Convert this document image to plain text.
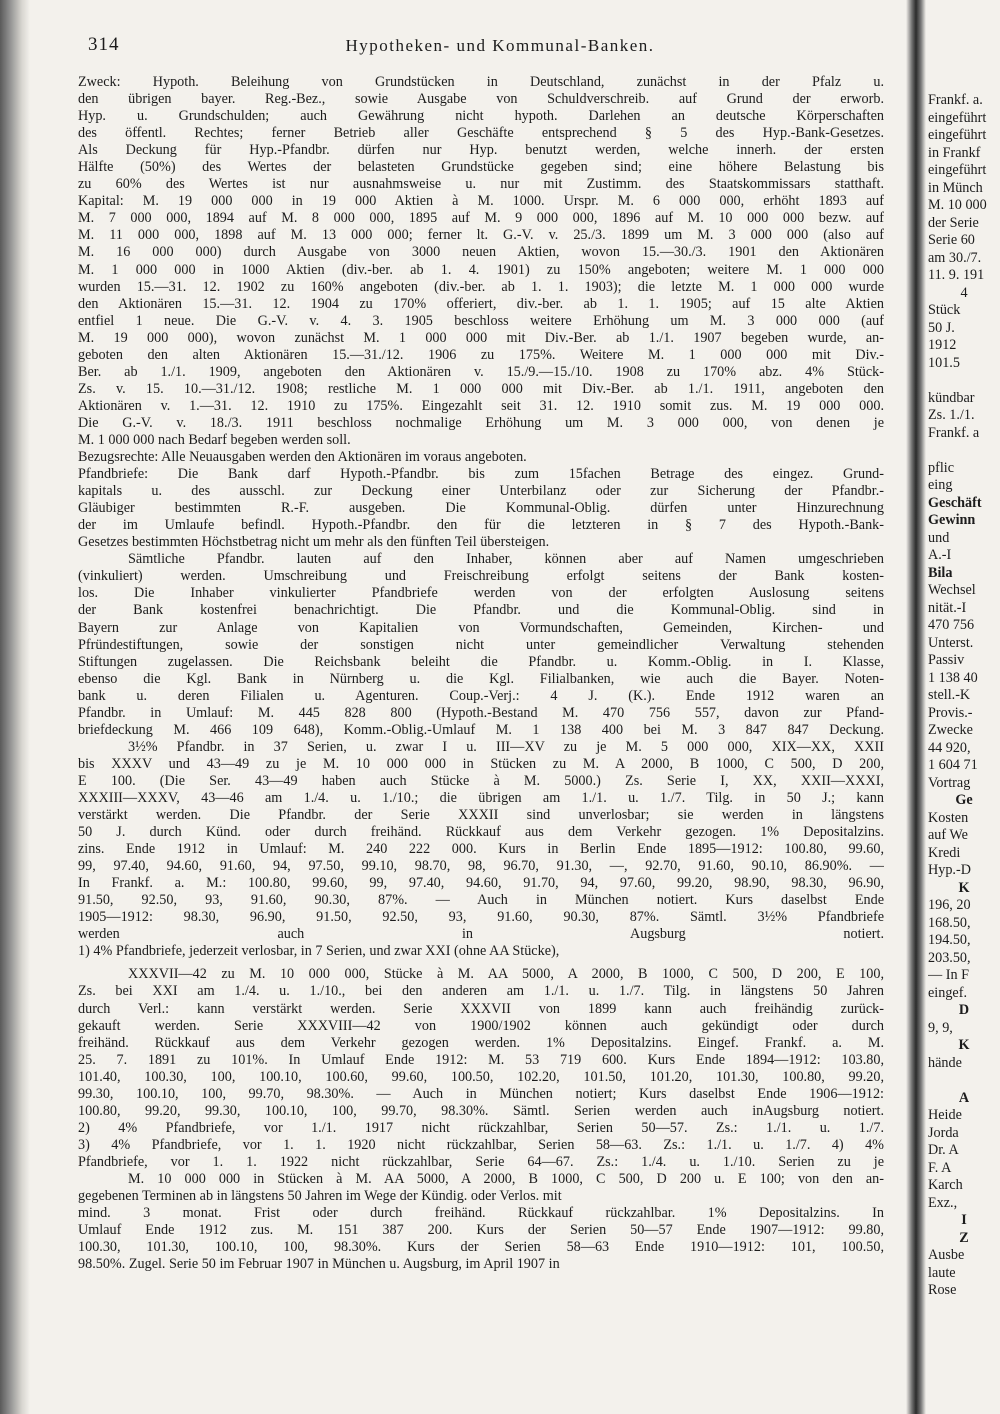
314	Hypotheken- und Kommunal-Banken.
Zweck: Hypoth. Beleihung von Grundstücken in Deutschland, zunächst in der Pfalz u.
den übrigen bayer. Reg.-Bez., sowie Ausgabe von Schuldverschreib. auf Grund der erworb.
Hyp. u. Grundschulden; auch Gewährung nicht hypoth. Darlehen an deutsche Körperschaften
des öffentl. Rechtes; ferner Betrieb aller Geschäfte entsprechend § 5 des Hyp.-Bank-Gesetzes.
Als Deckung für Hyp.-Pfandbr. dürfen nur Hyp. benutzt werden, welche innerh. der ersten
Hälfte (50%) des Wertes der belasteten Grundstücke gegeben sind; eine höhere Belastung bis
zu 60% des Wertes ist nur ausnahmsweise u. nur mit Zustimm. des Staatskommissars statthaft.
Kapital: M. 19 000 000 in 19 000 Aktien à M. 1000. Urspr. M. 6 000 000, erhöht 1893 auf
M. 7 000 000, 1894 auf M. 8 000 000, 1895 auf M. 9 000 000, 1896 auf M. 10 000 000 bezw. auf
M. 11 000 000, 1898 auf M. 13 000 000; ferner lt. G.-V. v. 25./3. 1899 um M. 3 000 000 (also auf
M. 16 000 000) durch Ausgabe von 3000 neuen Aktien, wovon 15.—30./3. 1901 den Aktionären
M. 1 000 000 in 1000 Aktien (div.-ber. ab 1. 4. 1901) zu 150% angeboten; weitere M. 1 000 000
wurden 15.—31. 12. 1902 zu 160% angeboten (div.-ber. ab 1. 1. 1903); die letzte M. 1 000 000 wurde
den Aktionären 15.—31. 12. 1904 zu 170% offeriert, div.-ber. ab 1. 1. 1905; auf 15 alte Aktien
entfiel 1 neue. Die G.-V. v. 4. 3. 1905 beschloss weitere Erhöhung um M. 3 000 000 (auf
M. 19 000 000), wovon zunächst M. 1 000 000 mit Div.-Ber. ab 1./1. 1907 begeben wurde, an-
geboten den alten Aktionären 15.—31./12. 1906 zu 175%. Weitere M. 1 000 000 mit Div.-
Ber. ab 1./1. 1909, angeboten den Aktionären v. 15./9.—15./10. 1908 zu 170% abz. 4% Stück-
Zs. v. 15. 10.—31./12. 1908; restliche M. 1 000 000 mit Div.-Ber. ab 1./1. 1911, angeboten den
Aktionären v. 1.—31. 12. 1910 zu 175%. Eingezahlt seit 31. 12. 1910 somit zus. M. 19 000 000.
Die G.-V. v. 18./3. 1911 beschloss nochmalige Erhöhung um M. 3 000 000, von denen je
M. 1 000 000 nach Bedarf begeben werden soll.
Bezugsrechte: Alle Neuausgaben werden den Aktionären im voraus angeboten.
Pfandbriefe: Die Bank darf Hypoth.-Pfandbr. bis zum 15fachen Betrage des eingez. Grund-
kapitals u. des ausschl. zur Deckung einer Unterbilanz oder zur Sicherung der Pfandbr.-
Gläubiger bestimmten R.-F. ausgeben. Die Kommunal-Oblig. dürfen unter Hinzurechnung
der im Umlaufe befindl. Hypoth.-Pfandbr. den für die letzteren in § 7 des Hypoth.-Bank-
Gesetzes bestimmten Höchstbetrag nicht um mehr als den fünften Teil übersteigen.
Sämtliche Pfandbr. lauten auf den Inhaber, können aber auf Namen umgeschrieben
(vinkuliert) werden. Umschreibung und Freischreibung erfolgt seitens der Bank kosten-
los. Die Inhaber vinkulierter Pfandbriefe werden von der erfolgten Auslosung seitens
der Bank kostenfrei benachrichtigt. Die Pfandbr. und die Kommunal-Oblig. sind in
Bayern zur Anlage von Kapitalien von Vormundschaften, Gemeinden, Kirchen- und
Pfründestiftungen, sowie der sonstigen nicht unter gemeindlicher Verwaltung stehenden
Stiftungen zugelassen. Die Reichsbank beleiht die Pfandbr. u. Komm.-Oblig. in I. Klasse,
ebenso die Kgl. Bank in Nürnberg u. die Kgl. Filialbanken, wie auch die Bayer. Noten-
bank u. deren Filialen u. Agenturen. Coup.-Verj.: 4 J. (K.). Ende 1912 waren an
Pfandbr. in Umlauf: M. 445 828 800 (Hypoth.-Bestand M. 470 756 557, davon zur Pfand-
briefdeckung M. 466 109 648), Komm.-Oblig.-Umlauf M. 1 138 400 bei M. 3 847 847 Deckung.
3½% Pfandbr. in 37 Serien, u. zwar I u. III—XV zu je M. 5 000 000, XIX—XX, XXII
bis XXXV und 43—49 zu je M. 10 000 000 in Stücken zu M. A 2000, B 1000, C 500, D 200,
E 100. (Die Ser. 43—49 haben auch Stücke à M. 5000.) Zs. Serie I, XX, XXII—XXXI,
XXXIII—XXXV, 43—46 am 1./4. u. 1./10.; die übrigen am 1./1. u. 1./7. Tilg. in 50 J.; kann
verstärkt werden. Die Pfandbr. der Serie XXXII sind unverlosbar; sie werden in längstens
50 J. durch Künd. oder durch freihänd. Rückkauf aus dem Verkehr gezogen. 1% Depositalzins.
zins. Ende 1912 in Umlauf: M. 240 222 000. Kurs in Berlin Ende 1895—1912: 100.80, 99.60,
99, 97.40, 94.60, 91.60, 94, 97.50, 99.10, 98.70, 98, 96.70, 91.30, —, 92.70, 91.60, 90.10, 86.90%. —
In Frankf. a. M.: 100.80, 99.60, 99, 97.40, 94.60, 91.70, 94, 97.60, 99.20, 98.90, 98.30, 96.90,
91.50, 92.50, 93, 91.60, 90.30, 87%. — Auch in München notiert. Kurs daselbst Ende
1905—1912: 98.30, 96.90, 91.50, 92.50, 93, 91.60, 90.30, 87%. Sämtl. 3½% Pfandbriefe
werden auch in Augsburg notiert.
1) 4% Pfandbriefe, jederzeit verlosbar, in 7 Serien, und zwar XXI (ohne AA Stücke),
XXXVII—42 zu M. 10 000 000, Stücke à M. AA 5000, A 2000, B 1000, C 500, D 200, E 100,
Zs. bei XXI am 1./4. u. 1./10., bei den anderen am 1./1. u. 1./7. Tilg. in längstens 50 Jahren
durch Verl.: kann verstärkt werden. Serie XXXVII von 1899 kann auch freihändig zurück-
gekauft werden. Serie XXXVIII—42 von 1900/1902 können auch gekündigt oder durch
freihänd. Rückkauf aus dem Verkehr gezogen werden. 1% Depositalzins. Eingef. Frankf. a. M.
25. 7. 1891 zu 101%. In Umlauf Ende 1912: M. 53 719 600. Kurs Ende 1894—1912: 103.80,
101.40, 100.30, 100, 100.10, 100.60, 99.60, 100.50, 102.20, 101.50, 101.20, 101.30, 100.80, 99.20,
99.30, 100.10, 100, 99.70, 98.30%. — Auch in München notiert; Kurs daselbst Ende 1906—1912:
100.80, 99.20, 99.30, 100.10, 100, 99.70, 98.30%. Sämtl. Serien werden auch inAugsburg notiert.
2) 4% Pfandbriefe, vor 1./1. 1917 nicht rückzahlbar, Serien 50—57. Zs.: 1./1. u. 1./7.
3) 4% Pfandbriefe, vor 1. 1. 1920 nicht rückzahlbar, Serien 58—63. Zs.: 1./1. u. 1./7. 4) 4%
Pfandbriefe, vor 1. 1. 1922 nicht rückzahlbar, Serie 64—67. Zs.: 1./4. u. 1./10. Serien zu je
M. 10 000 000 in Stücken à M. AA 5000, A 2000, B 1000, C 500, D 200 u. E 100; von den an-
gegebenen Terminen ab in längstens 50 Jahren im Wege der Kündig. oder Verlos. mit
mind. 3 monat. Frist oder durch freihänd. Rückkauf rückzahlbar. 1% Depositalzins. In
Umlauf Ende 1912 zus. M. 151 387 200. Kurs der Serien 50—57 Ende 1907—1912: 99.80,
100.30, 101.30, 100.10, 100, 98.30%. Kurs der Serien 58—63 Ende 1910—1912: 101, 100.50,
98.50%. Zugel. Serie 50 im Februar 1907 in München u. Augsburg, im April 1907 in
Frankf. a.
eingeführt
eingeführt
in Frankf
eingeführt
in Münch
M. 10 000
der Serie
Serie 60
am 30./7.
11. 9. 191
4
Stück
50 J.
1912
101.5

kündbar
Zs. 1./1.
Frankf. a

pflic
eing
Geschäft
Gewinn
und
A.-I
Bila
Wechsel
nität.-I
470 756
Unterst.
Passiv
1 138 40
stell.-K
Provis.-
Zwecke
44 920,
1 604 71
Vortrag
Ge
Kosten
auf We
Kredi
Hyp.-D
K
196, 20
168.50,
194.50,
203.50,
— In F
eingef.
D
9, 9,
K
hände

A
Heide
Jorda
Dr. A
F. A
Karch
Exz.,
I
Z
Ausbe
laute
Rose
